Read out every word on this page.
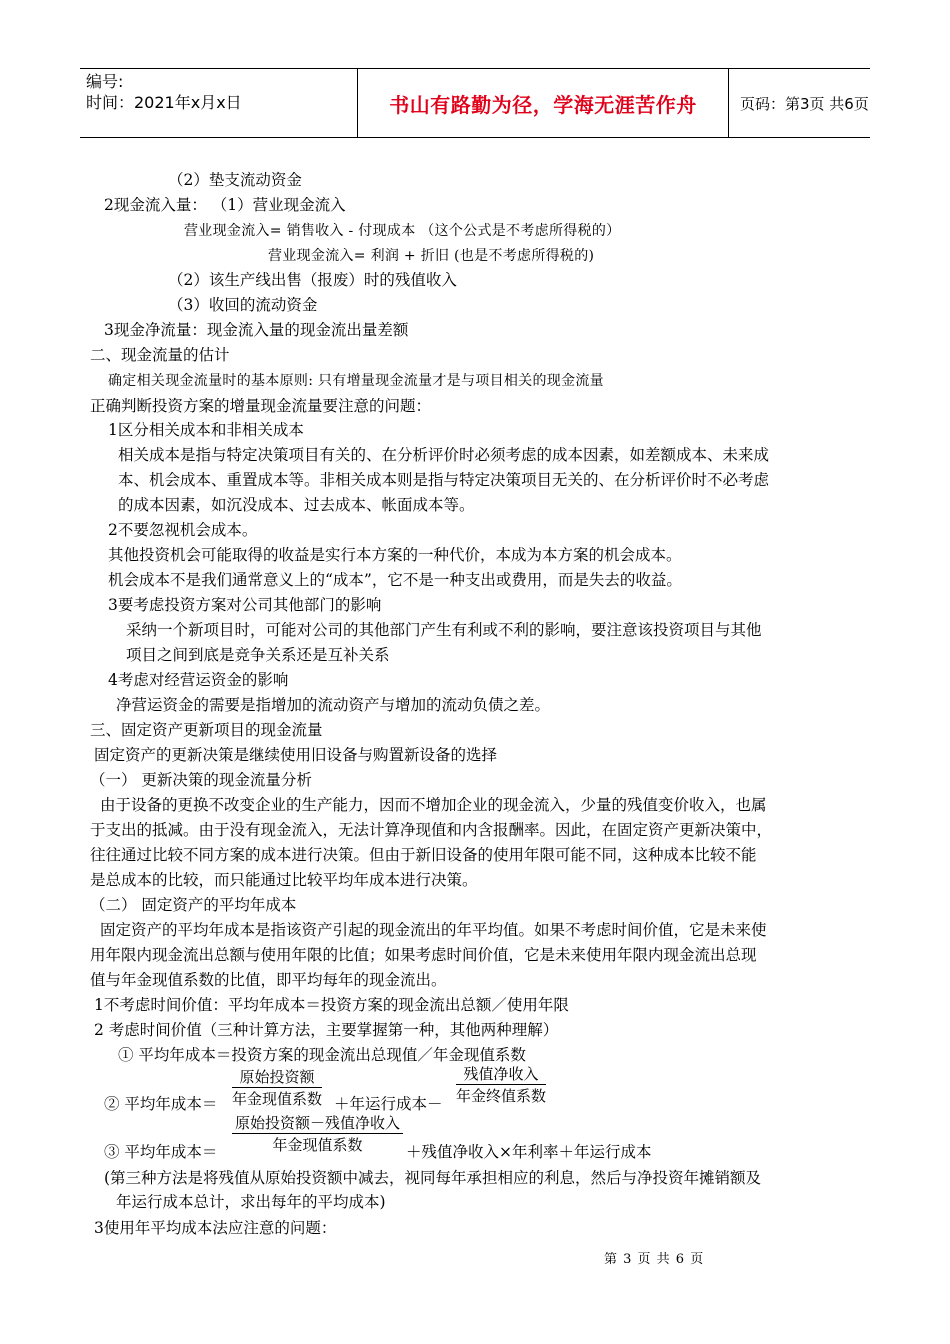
编号:
时间：2021年x月x日	书山有路勤为径，学海无涯苦作舟	页码：第3页 共6页
（2）垫支流动资金
2现金流入量： （1）营业现金流入
营业现金流入= 销售收入 - 付现成本 （这个公式是不考虑所得税的）
营业现金流入= 利润 + 折旧 (也是不考虑所得税的)
（2）该生产线出售（报废）时的残值收入
（3）收回的流动资金
3现金净流量：现金流入量的现金流出量差额
二、现金流量的估计
确定相关现金流量时的基本原则: 只有增量现金流量才是与项目相关的现金流量
正确判断投资方案的增量现金流量要注意的问题：
1区分相关成本和非相关成本
相关成本是指与特定决策项目有关的、在分析评价时必须考虑的成本因素，如差额成本、未来成
本、机会成本、重置成本等。非相关成本则是指与特定决策项目无关的、在分析评价时不必考虑
的成本因素，如沉没成本、过去成本、帐面成本等。
2不要忽视机会成本。
其他投资机会可能取得的收益是实行本方案的一种代价，本成为本方案的机会成本。
机会成本不是我们通常意义上的“成本”，它不是一种支出或费用，而是失去的收益。
3要考虑投资方案对公司其他部门的影响
采纳一个新项目时，可能对公司的其他部门产生有利或不利的影响，要注意该投资项目与其他
项目之间到底是竞争关系还是互补关系
4考虑对经营运资金的影响
净营运资金的需要是指增加的流动资产与增加的流动负债之差。
三、固定资产更新项目的现金流量
固定资产的更新决策是继续使用旧设备与购置新设备的选择
（一） 更新决策的现金流量分析
由于设备的更换不改变企业的生产能力，因而不增加企业的现金流入，少量的残值变价收入，也属
于支出的抵减。由于没有现金流入，无法计算净现值和内含报酬率。因此，在固定资产更新决策中，
往往通过比较不同方案的成本进行决策。但由于新旧设备的使用年限可能不同，这种成本比较不能
是总成本的比较，而只能通过比较平均年成本进行决策。
（二） 固定资产的平均年成本
固定资产的平均年成本是指该资产引起的现金流出的年平均值。如果不考虑时间价值，它是未来使
用年限内现金流出总额与使用年限的比值；如果考虑时间价值，它是未来使用年限内现金流出总现
值与年金现值系数的比值，即平均每年的现金流出。
1不考虑时间价值：平均年成本＝投资方案的现金流出总额／使用年限
2 考虑时间价值（三种计算方法，主要掌握第一种，其他两种理解）
① 平均年成本＝投资方案的现金流出总现值／年金现值系数
② 平均年成本＝
原始投资额
年金现值系数 ＋年运行成本－
残值净收入
年金终值系数
③ 平均年成本＝
原始投资额－残值净收入
年金现值系数	＋残值净收入×年利率＋年运行成本
(第三种方法是将残值从原始投资额中减去，视同每年承担相应的利息，然后与净投资年摊销额及
年运行成本总计，求出每年的平均成本)
3使用年平均成本法应注意的问题：
第 3 页 共 6 页
